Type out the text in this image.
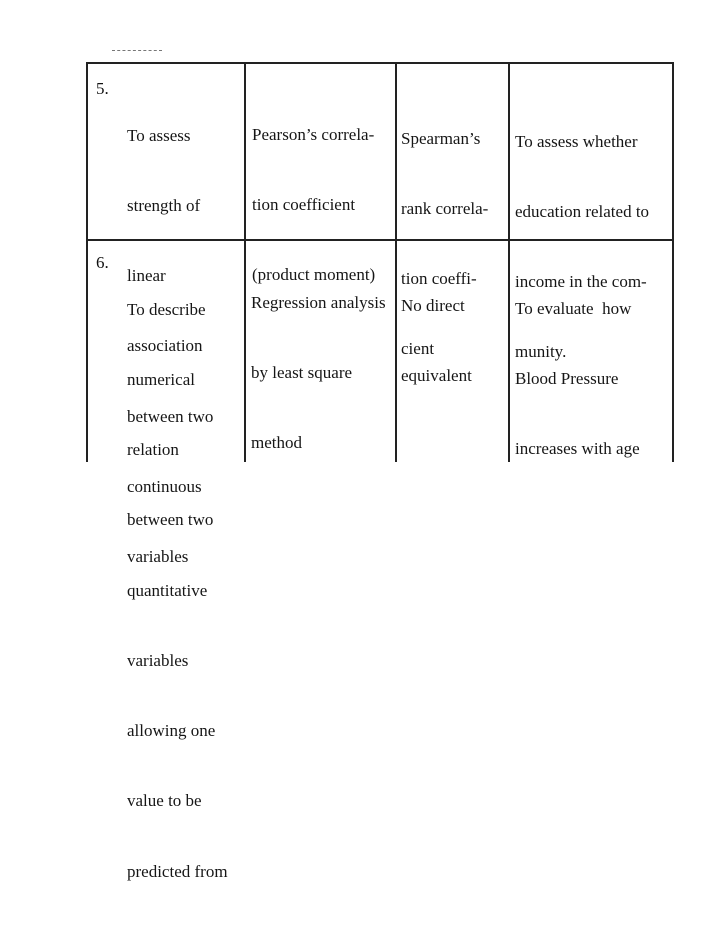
5.

To assess

strength of

linear

association

between two

continuous

variables

Pearson’s correla-

tion coefficient

(product moment)

Spearman’s

rank correla-

tion coeffi-

cient

To assess whether

education related to

income in the com-

munity.

6.

To describe

numerical

relation

between two

quantitative

variables

allowing one

value to be

predicted from

Regression analysis

by least square

method

No direct

equivalent

To evaluate  how

Blood Pressure

increases with age
